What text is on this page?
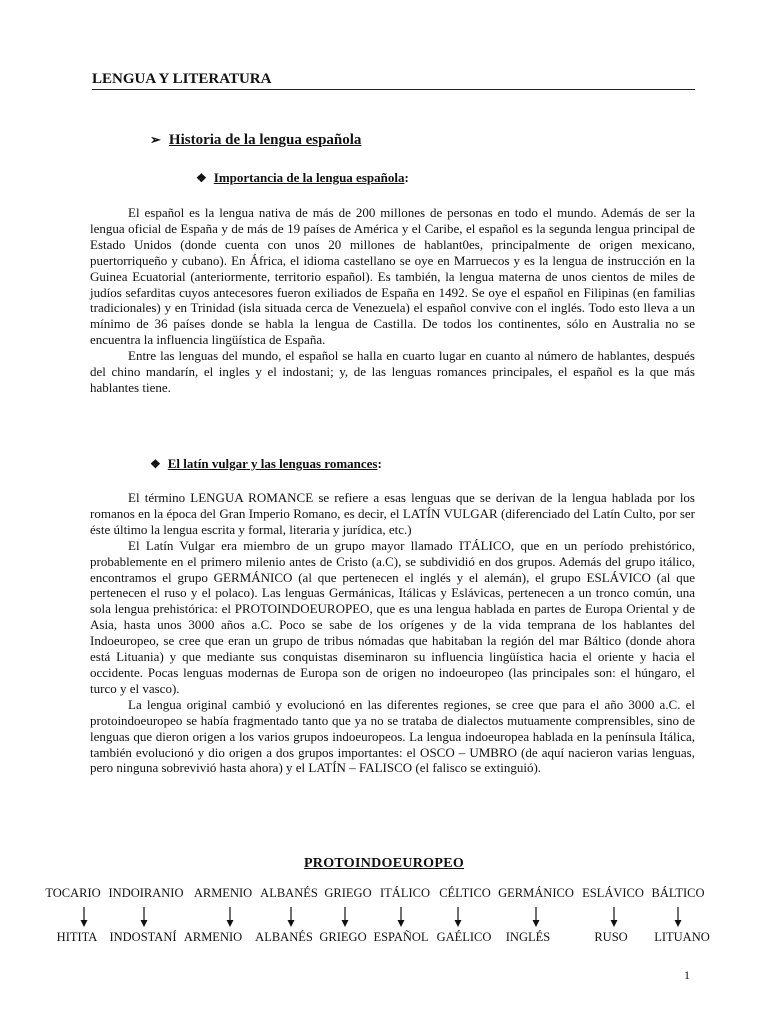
LENGUA Y LITERATURA
➢ Historia de la lengua española
❖ Importancia de la lengua española:

El español es la lengua nativa de más de 200 millones de personas en todo el mundo. Además de ser la lengua oficial de España y de más de 19 países de América y el Caribe, el español es la segunda lengua principal de Estado Unidos (donde cuenta con unos 20 millones de hablant0es, principalmente de origen mexicano, puertorriqueño y cubano). En África, el idioma castellano se oye en Marruecos y es la lengua de instrucción en la Guinea Ecuatorial (anteriormente, territorio español). Es también, la lengua materna de unos cientos de miles de judíos sefarditas cuyos antecesores fueron exiliados de España en 1492. Se oye el español en Filipinas (en familias tradicionales) y en Trinidad (isla situada cerca de Venezuela) el español convive con el inglés. Todo esto lleva a un mínimo de 36 países donde se habla la lengua de Castilla. De todos los continentes, sólo en Australia no se encuentra la influencia lingüística de España.

Entre las lenguas del mundo, el español se halla en cuarto lugar en cuanto al número de hablantes, después del chino mandarín, el ingles y el indostani; y, de las lenguas romances principales, el español es la que más hablantes tiene.

❖ El latín vulgar y las lenguas romances:

El término LENGUA ROMANCE se refiere a esas lenguas que se derivan de la lengua hablada por los romanos en la época del Gran Imperio Romano, es decir, el LATÍN VULGAR (diferenciado del Latín Culto, por ser éste último la lengua escrita y formal, literaria y jurídica, etc.)

El Latín Vulgar era miembro de un grupo mayor llamado ITÁLICO, que en un período prehistórico, probablemente en el primero milenio antes de Cristo (a.C), se subdividió en dos grupos. Además del grupo itálico, encontramos el grupo GERMÁNICO (al que pertenecen el inglés y el alemán), el grupo ESLÁVICO (al que pertenecen el ruso y el polaco). Las lenguas Germánicas, Itálicas y Eslávicas, pertenecen a un tronco común, una sola lengua prehistórica: el PROTOINDOEUROPEO, que es una lengua hablada en partes de Europa Oriental y de Asia, hasta unos 3000 años a.C. Poco se sabe de los orígenes y de la vida temprana de los hablantes del Indoeuropeo, se cree que eran un grupo de tribus nómadas que habitaban la región del mar Báltico (donde ahora está Lituania) y que mediante sus conquistas diseminaron su influencia lingüística hacia el oriente y hacia el occidente. Pocas lenguas modernas de Europa son de origen no indoeuropeo (las principales son: el húngaro, el turco y el vasco).

La lengua original cambió y evolucionó en las diferentes regiones, se cree que para el año 3000 a.C. el protoindoeuropeo se había fragmentado tanto que ya no se trataba de dialectos mutuamente comprensibles, sino de lenguas que dieron origen a los varios grupos indoeuropeos. La lengua indoeuropea hablada en la península Itálica, también evolucionó y dio origen a dos grupos importantes: el OSCO – UMBRO (de aquí nacieron varias lenguas, pero ninguna sobrevivió hasta ahora) y el LATÍN – FALISCO (el falisco se extinguió).

PROTOINDOEUROPEO
TOCARIO INDOIRANIO ARMENIO ALBANÉS GRIEGO ITÁLICO CÉLTICO GERMÁNICO ESLÁVICO BÁLTICO
HITITA INDOSTANÍ ARMENIO ALBANÉS GRIEGO ESPAÑOL GAÉLICO INGLÉS	RUSO LITUANO
1
